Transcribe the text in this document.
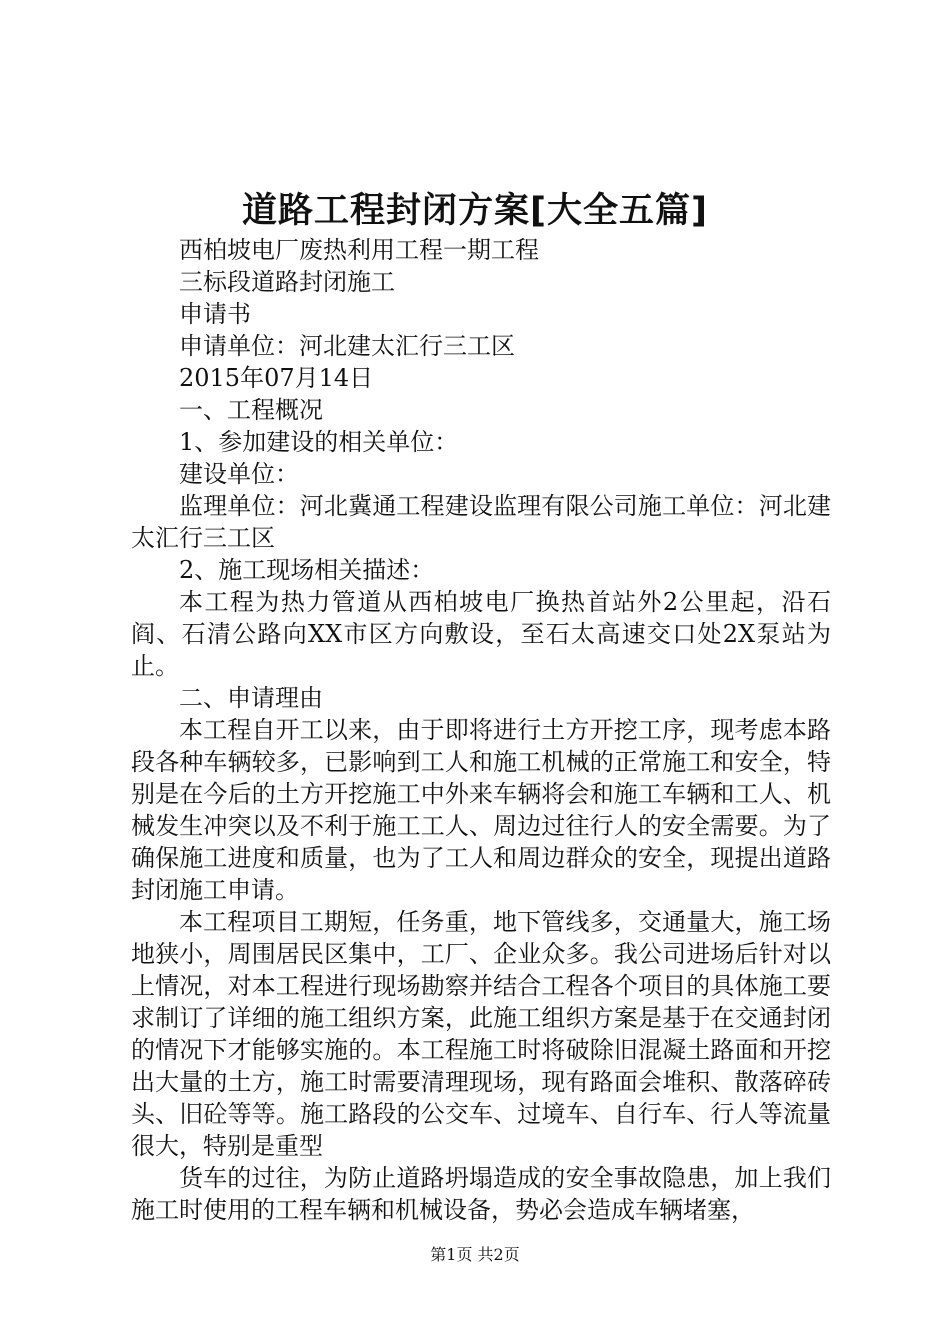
道路工程封闭方案[大全五篇]

西柏坡电厂废热利用工程一期工程

三标段道路封闭施工

申请书

申请单位：河北建太汇行三工区

2015年07月14日

一、工程概况

1、参加建设的相关单位：

建设单位：

监理单位：河北冀通工程建设监理有限公司施工单位：河北建太汇行三工区

2、施工现场相关描述：

本工程为热力管道从西柏坡电厂换热首站外2公里起，沿石阎、石清公路向XX市区方向敷设，至石太高速交口处2X泵站为止。

二、申请理由

本工程自开工以来，由于即将进行土方开挖工序，现考虑本路段各种车辆较多，已影响到工人和施工机械的正常施工和安全，特别是在今后的土方开挖施工中外来车辆将会和施工车辆和工人、机械发生冲突以及不利于施工工人、周边过往行人的安全需要。为了确保施工进度和质量，也为了工人和周边群众的安全，现提出道路封闭施工申请。

本工程项目工期短，任务重，地下管线多，交通量大，施工场地狭小，周围居民区集中，工厂、企业众多。我公司进场后针对以上情况，对本工程进行现场勘察并结合工程各个项目的具体施工要求制订了详细的施工组织方案，此施工组织方案是基于在交通封闭的情况下才能够实施的。本工程施工时将破除旧混凝土路面和开挖出大量的土方，施工时需要清理现场，现有路面会堆积、散落碎砖头、旧砼等等。施工路段的公交车、过境车、自行车、行人等流量很大，特别是重型

货车的过往，为防止道路坍塌造成的安全事故隐患，加上我们施工时使用的工程车辆和机械设备，势必会造成车辆堵塞，

第1页 共2页
